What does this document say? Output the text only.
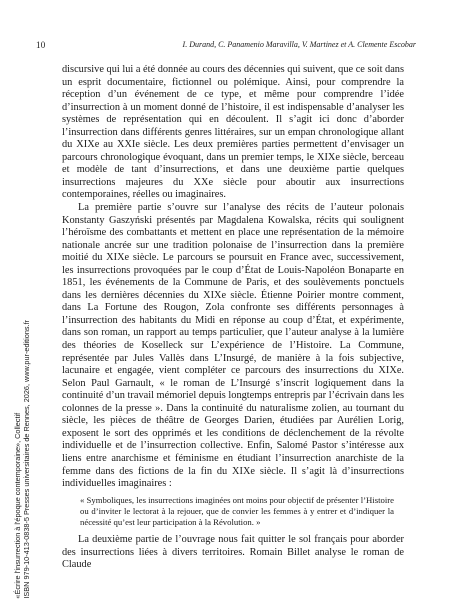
10	I. Durand, C. Panamenio Maravilla, V. Martinez et A. Clemente Escobar

discursive qui lui a été donnée au cours des décennies qui suivent, que ce soit dans un esprit documentaire, fictionnel ou polémique. Ainsi, pour comprendre la réception d’un événement de ce type, et même pour comprendre l’idée d’insurrection à un moment donné de l’histoire, il est indispensable d’analyser les systèmes de représentation qui en découlent. Il s’agit ici donc d’aborder l’insurrection dans différents genres littéraires, sur un empan chronologique allant du XIXe au XXIe siècle. Les deux premières parties permettent d’envisager un parcours chronologique évoquant, dans un premier temps, le XIXe siècle, berceau et modèle de tant d’insurrections, et dans une deuxième partie quelques insurrections majeures du XXe siècle pour aboutir aux insurrections contemporaines, réelles ou imaginaires.

La première partie s’ouvre sur l’analyse des récits de l’auteur polonais Konstanty Gaszyński présentés par Magdalena Kowalska, récits qui soulignent l’héroïsme des combattants et mettent en place une représentation de la mémoire nationale ancrée sur une tradition polonaise de l’insurrection dans la première moitié du XIXe siècle. Le parcours se poursuit en France avec, successivement, les insurrections provoquées par le coup d’État de Louis-Napoléon Bonaparte en 1851, les événements de la Commune de Paris, et des soulèvements ponctuels dans les dernières décennies du XIXe siècle. Étienne Poirier montre comment, dans La Fortune des Rougon, Zola confronte ses différents personnages à l’insurrection des habitants du Midi en réponse au coup d’État, et expérimente, dans son roman, un rapport au temps particulier, que l’auteur analyse à la lumière des théories de Koselleck sur L’expérience de l’Histoire. La Commune, représentée par Jules Vallès dans L’Insurgé, de manière à la fois subjective, lacunaire et engagée, vient compléter ce parcours des insurrections du XIXe. Selon Paul Garnault, « le roman de L’Insurgé s’inscrit logiquement dans la continuité d’un travail mémoriel depuis longtemps entrepris par l’écrivain dans les colonnes de la presse ». Dans la continuité du naturalisme zolien, au tournant du siècle, les pièces de théâtre de Georges Darien, étudiées par Aurélien Lorig, exposent le sort des opprimés et les conditions de déclenchement de la révolte individuelle et de l’insurrection collective. Enfin, Salomé Pastor s’intéresse aux liens entre anarchisme et féminisme en étudiant l’insurrection anarchiste de la femme dans des fictions de la fin du XIXe siècle. Il s’agit là d’insurrections individuelles imaginaires :

« Symboliques, les insurrections imaginées ont moins pour objectif de présenter l’Histoire ou d’inviter le lectorat à la rejouer, que de convier les femmes à y entrer et d’indiquer la nécessité qu’est leur participation à la Révolution. »

La deuxième partie de l’ouvrage nous fait quitter le sol français pour aborder des insurrections liées à divers territoires. Romain Billet analyse le roman de Claude

«Écrire l'insurrection à l'époque contemporaine», Collectif ISBN 979-10-413-0838-5 Presses universitaires de Rennes, 2026, www.pur-editions.fr
